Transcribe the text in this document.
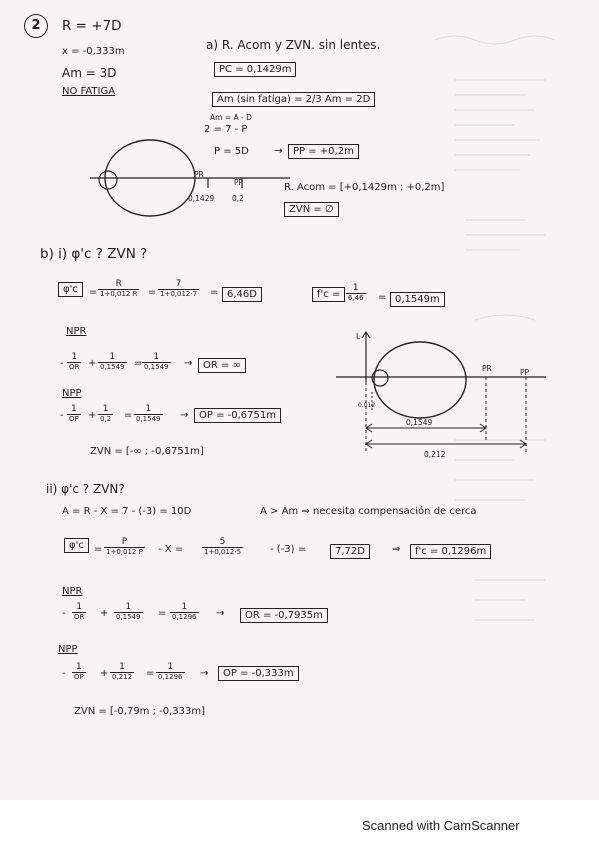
2	R = +7D
x = -0,333m
Am = 3D
NO FATIGA
a) R. Acom y ZVN. sin lentes.
PC = 0,1429m
Am (sin fatiga) = 2/3 Am = 2D
Am = A - D
2 = 7 - P
P = 5D →	PP = +0,2m
R. Acom = [+0,1429m ; +0,2m]
ZVN = ∅
PR
PP
0,1429 0,2
b) i) φ'c ? ZVN ?
φ'c	=
R
1+0,012 R =
7
1+0,012·7 = 6,46D	f'c =
1
6,46 = 0,1549m
NPR
-
1
OR +
1
0,1549 =
1
0,1549 →	OR = ∞
NPP
-
1
OP +
1
0,2 =
1
0,1549 →	OP = -0,6751m
ZVN = [-∞ ; -0,6751m]
L
PR	PP
0,012
0,1549
0,212
ii) φ'c ? ZVN?
A = R - X = 7 - (-3) = 10D	A > Am ⇒ necesita compensación de cerca
φ'c	=
P
1+0,012 P - X =
5
1+0,012·5	- (-3) =	7,72D	⇒	f'c = 0,1296m
NPR
-
1
OR +
1
0,1549 =
1
0,1296 →	OR = -0,7935m
NPP
-
1
OP +
1
0,212 =
1
0,1296 →	OP = -0,333m
ZVN = [-0,79m ; -0,333m]
Scanned with CamScanner
